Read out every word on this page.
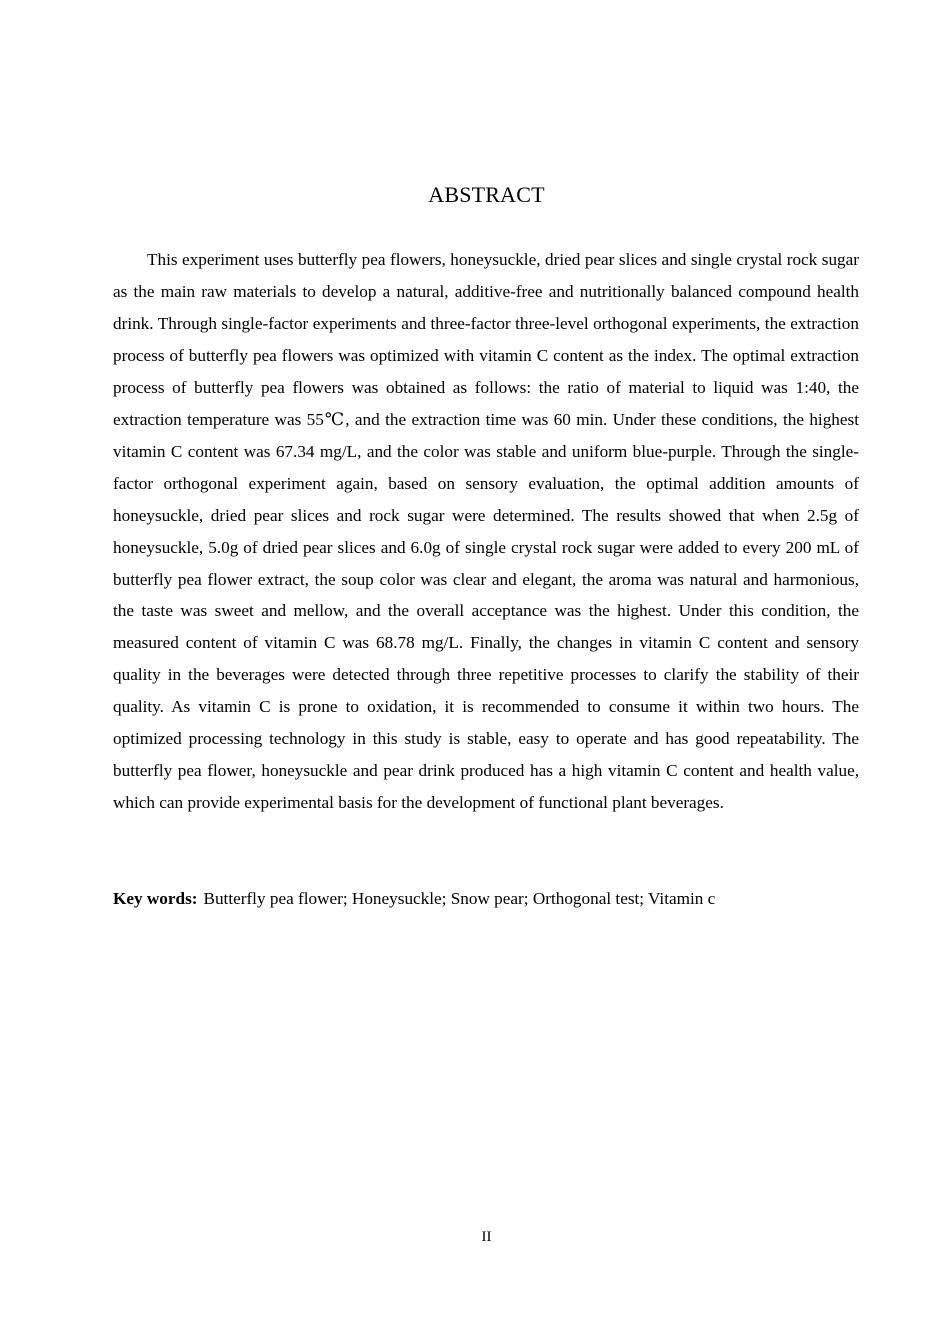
ABSTRACT

This experiment uses butterfly pea flowers, honeysuckle, dried pear slices and single crystal rock sugar as the main raw materials to develop a natural, additive-free and nutritionally balanced compound health drink. Through single-factor experiments and three-factor three-level orthogonal experiments, the extraction process of butterfly pea flowers was optimized with vitamin C content as the index. The optimal extraction process of butterfly pea flowers was obtained as follows: the ratio of material to liquid was 1:40, the extraction temperature was 55℃, and the extraction time was 60 min. Under these conditions, the highest vitamin C content was 67.34 mg/L, and the color was stable and uniform blue-purple. Through the single-factor orthogonal experiment again, based on sensory evaluation, the optimal addition amounts of honeysuckle, dried pear slices and rock sugar were determined. The results showed that when 2.5g of honeysuckle, 5.0g of dried pear slices and 6.0g of single crystal rock sugar were added to every 200 mL of butterfly pea flower extract, the soup color was clear and elegant, the aroma was natural and harmonious, the taste was sweet and mellow, and the overall acceptance was the highest. Under this condition, the measured content of vitamin C was 68.78 mg/L. Finally, the changes in vitamin C content and sensory quality in the beverages were detected through three repetitive processes to clarify the stability of their quality. As vitamin C is prone to oxidation, it is recommended to consume it within two hours. The optimized processing technology in this study is stable, easy to operate and has good repeatability. The butterfly pea flower, honeysuckle and pear drink produced has a high vitamin C content and health value, which can provide experimental basis for the development of functional plant beverages.

Key words: Butterfly pea flower; Honeysuckle; Snow pear; Orthogonal test; Vitamin c

II
